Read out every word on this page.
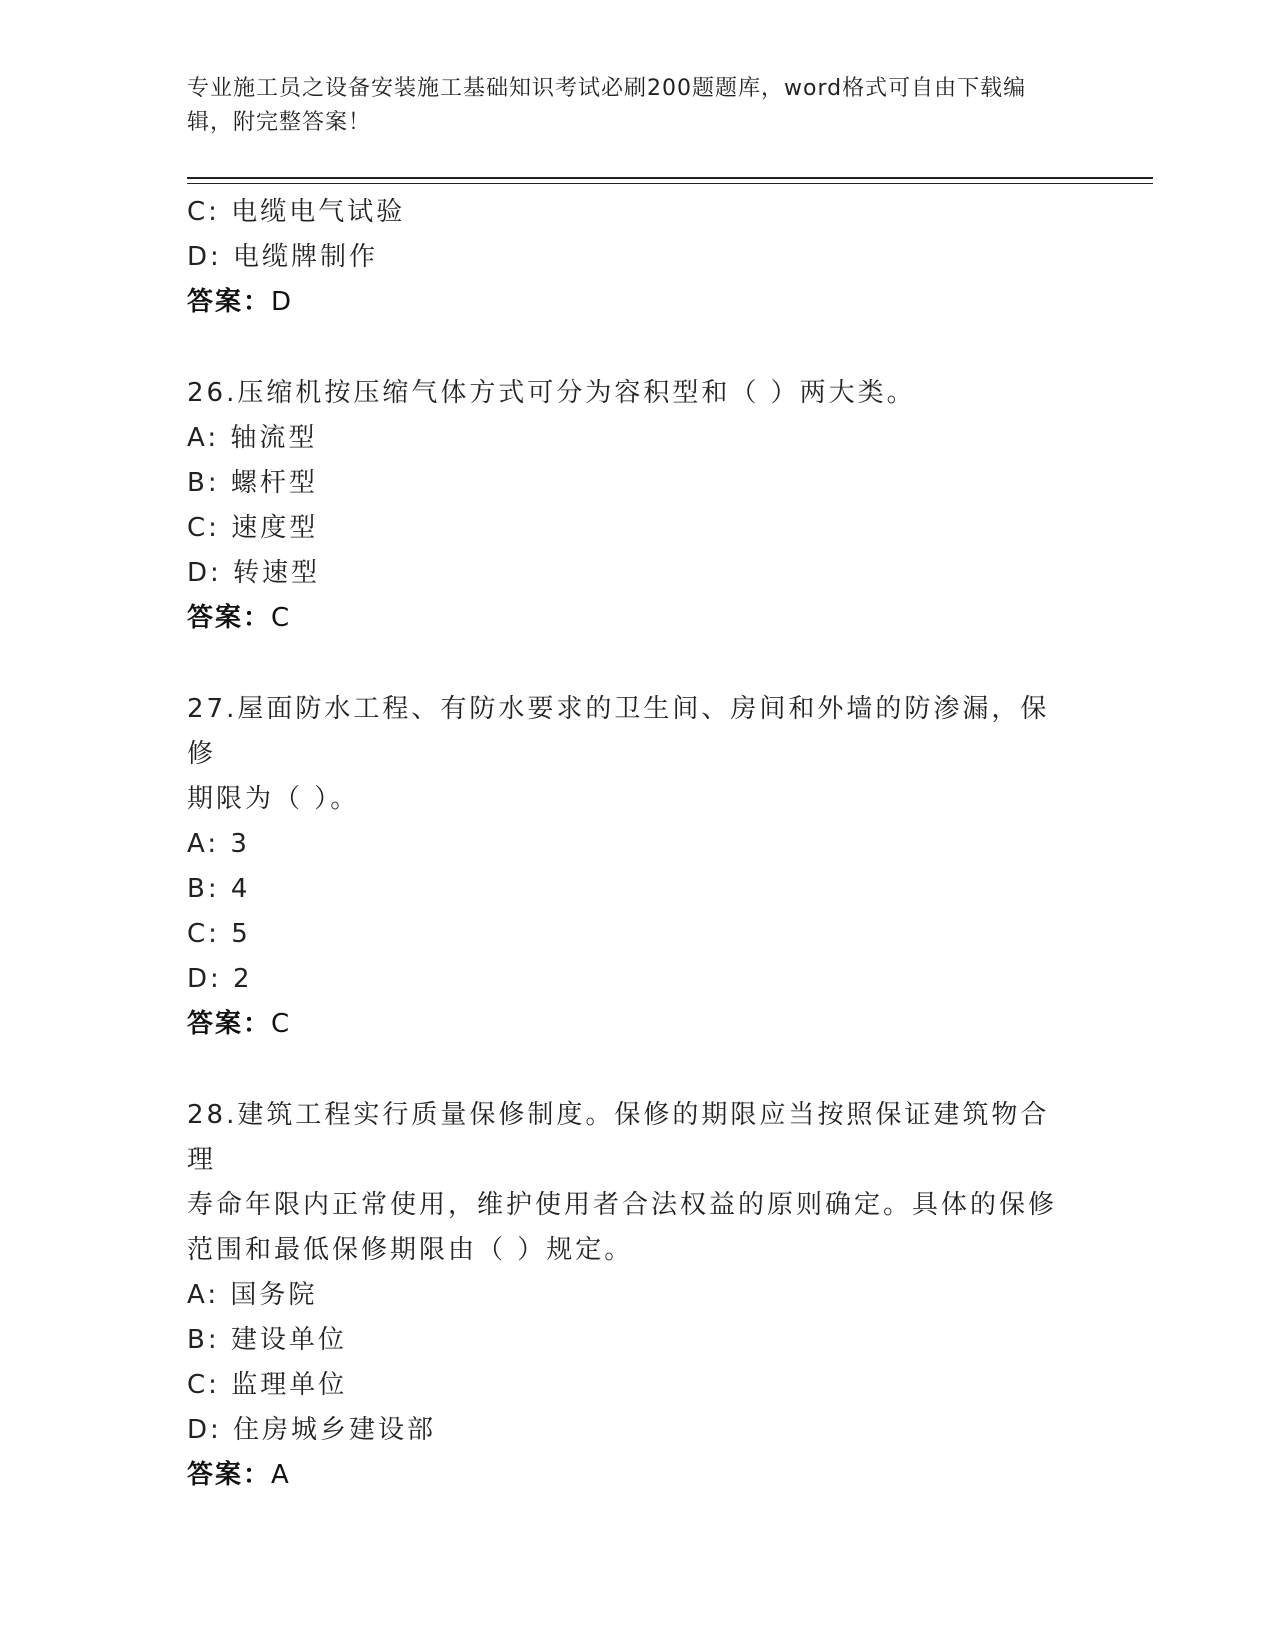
专业施工员之设备安装施工基础知识考试必刷200题题库，word格式可自由下载编辑，附完整答案！
C: 电缆电气试验
D: 电缆牌制作
答案：D
26.压缩机按压缩气体方式可分为容积型和（ ）两大类。
A: 轴流型
B: 螺杆型
C: 速度型
D: 转速型
答案：C
27.屋面防水工程、有防水要求的卫生间、房间和外墙的防渗漏，保修
期限为（ ）。
A: 3
B: 4
C: 5
D: 2
答案：C
28.建筑工程实行质量保修制度。保修的期限应当按照保证建筑物合理
寿命年限内正常使用，维护使用者合法权益的原则确定。具体的保修
范围和最低保修期限由（ ）规定。
A: 国务院
B: 建设单位
C: 监理单位
D: 住房城乡建设部
答案：A
